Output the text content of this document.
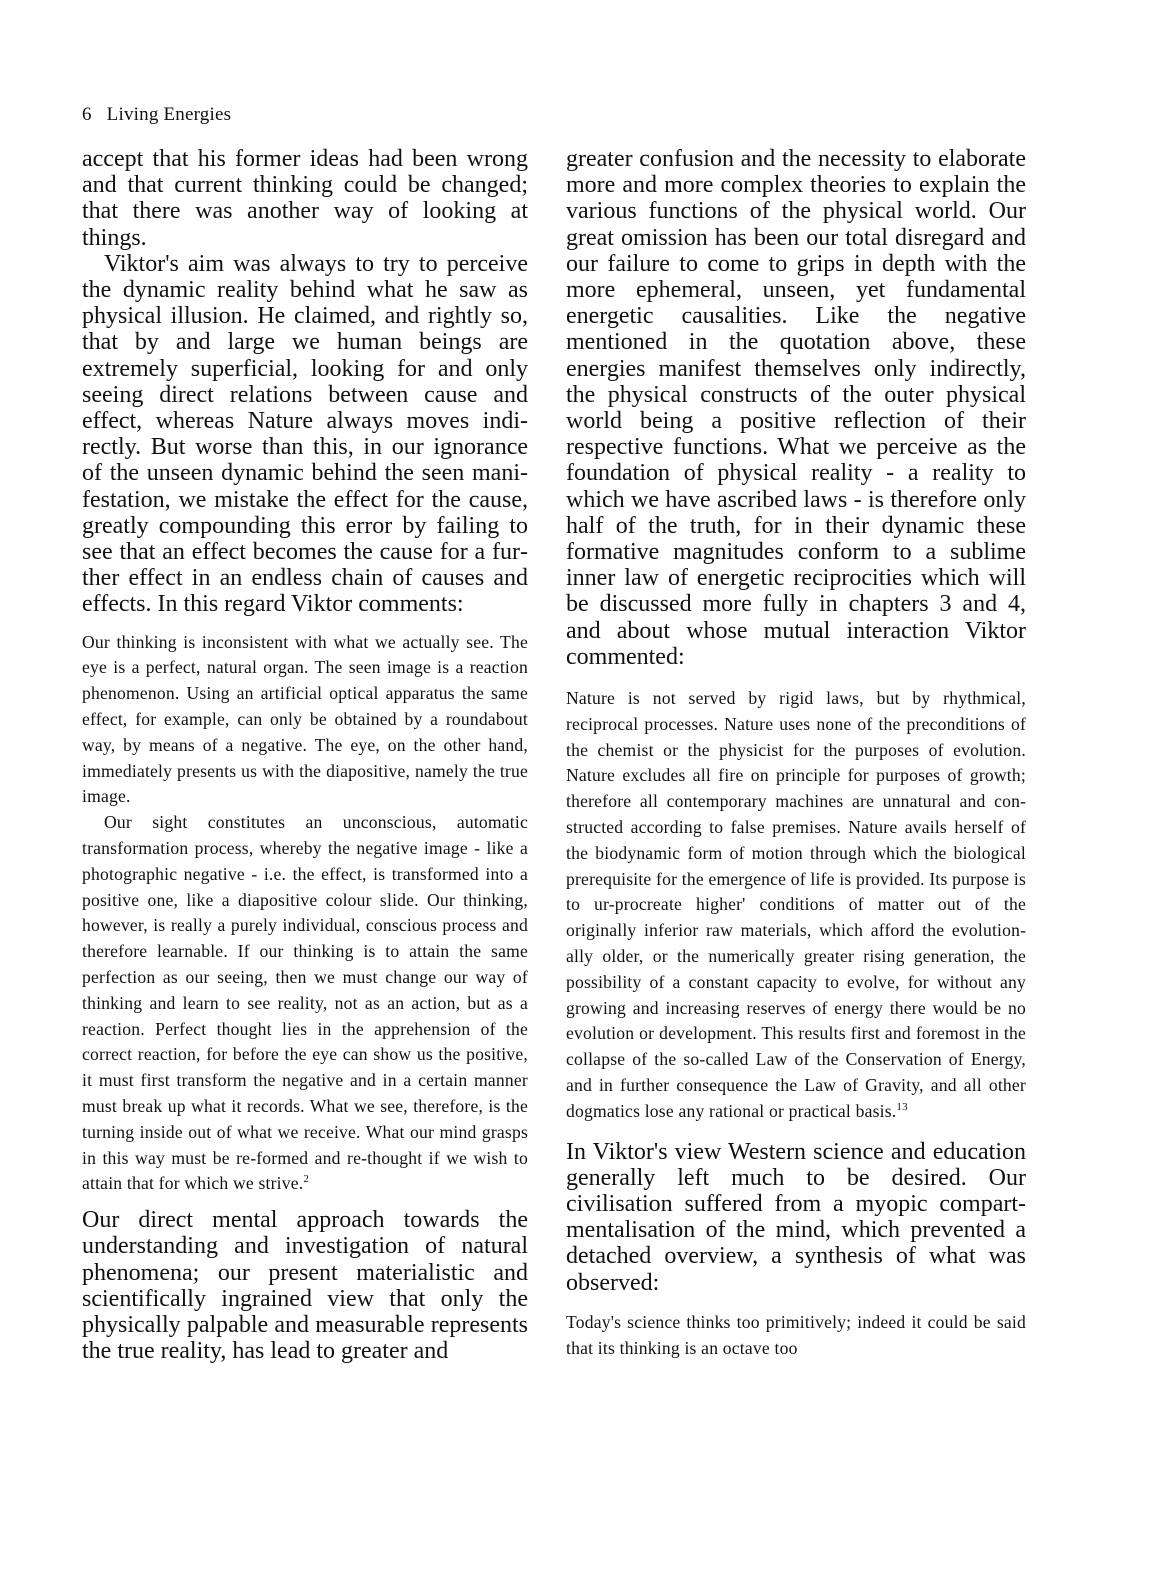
6 Living Energies

accept that his former ideas had been wrong and that current thinking could be changed; that there was another way of looking at things.

Viktor's aim was always to try to perceive the dynamic reality behind what he saw as physical illusion. He claimed, and rightly so, that by and large we human beings are extremely superficial, looking for and only seeing direct relations between cause and effect, whereas Nature always moves indirectly. But worse than this, in our ignorance of the unseen dynamic behind the seen manifestation, we mistake the effect for the cause, greatly compounding this error by failing to see that an effect becomes the cause for a further effect in an endless chain of causes and effects. In this regard Viktor comments:

Our thinking is inconsistent with what we actually see. The eye is a perfect, natural organ. The seen image is a reaction phenomenon. Using an artificial optical apparatus the same effect, for example, can only be obtained by a roundabout way, by means of a negative. The eye, on the other hand, immediately presents us with the diapositive, namely the true image.

Our sight constitutes an unconscious, automatic transformation process, whereby the negative image - like a photographic negative - i.e. the effect, is transformed into a positive one, like a diapositive colour slide. Our thinking, however, is really a purely individual, conscious process and therefore learnable. If our thinking is to attain the same perfection as our seeing, then we must change our way of thinking and learn to see reality, not as an action, but as a reaction. Perfect thought lies in the apprehension of the correct reaction, for before the eye can show us the positive, it must first transform the negative and in a certain manner must break up what it records. What we see, therefore, is the turning inside out of what we receive. What our mind grasps in this way must be re-formed and re-thought if we wish to attain that for which we strive.$^2$

Our direct mental approach towards the understanding and investigation of natural phenomena; our present materialistic and scientifically ingrained view that only the physically palpable and measurable represents the true reality, has lead to greater and

greater confusion and the necessity to elaborate more and more complex theories to explain the various functions of the physical world. Our great omission has been our total disregard and our failure to come to grips in depth with the more ephemeral, unseen, yet fundamental energetic causalities. Like the negative mentioned in the quotation above, these energies manifest themselves only indirectly, the physical constructs of the outer physical world being a positive reflection of their respective functions. What we perceive as the foundation of physical reality - a reality to which we have ascribed laws - is therefore only half of the truth, for in their dynamic these formative magnitudes conform to a sublime inner law of energetic reciprocities which will be discussed more fully in chapters 3 and 4, and about whose mutual interaction Viktor commented:

Nature is not served by rigid laws, but by rhythmical, reciprocal processes. Nature uses none of the preconditions of the chemist or the physicist for the purposes of evolution. Nature excludes all fire on principle for purposes of growth; therefore all contemporary machines are unnatural and constructed according to false premises. Nature avails herself of the biodynamic form of motion through which the biological prerequisite for the emergence of life is provided. Its purpose is to ur-procreate higher' conditions of matter out of the originally inferior raw materials, which afford the evolutionally older, or the numerically greater rising generation, the possibility of a constant capacity to evolve, for without any growing and increasing reserves of energy there would be no evolution or development. This results first and foremost in the collapse of the so-called Law of the Conservation of Energy, and in further consequence the Law of Gravity, and all other dogmatics lose any rational or practical basis.$^{13}$

In Viktor's view Western science and education generally left much to be desired. Our civilisation suffered from a myopic compartmentalisation of the mind, which prevented a detached overview, a synthesis of what was observed:

Today's science thinks too primitively; indeed it could be said that its thinking is an octave too
